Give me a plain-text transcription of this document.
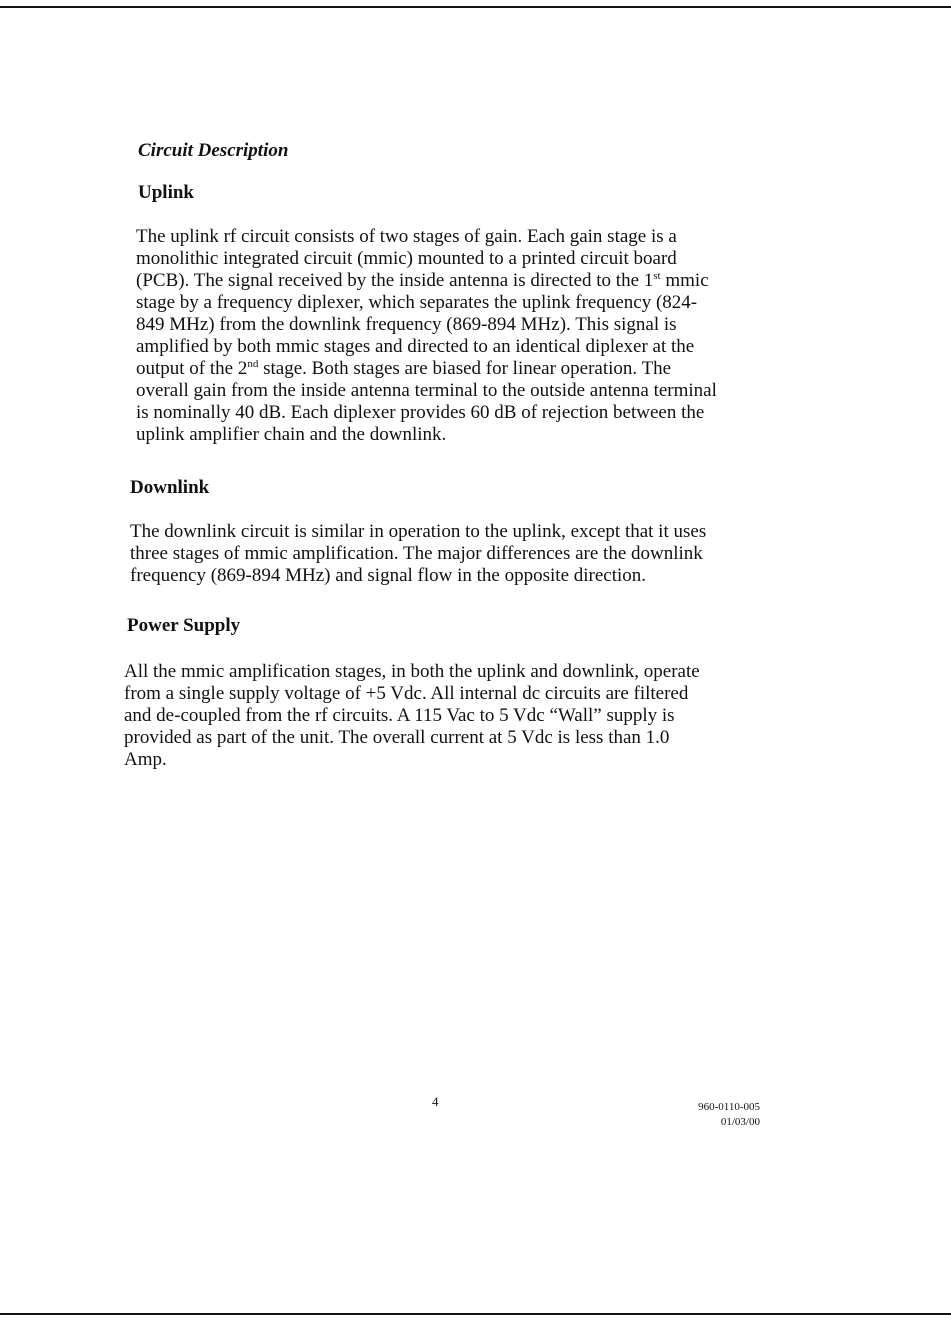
Circuit Description
Uplink
The uplink rf circuit consists of two stages of gain. Each gain stage is a
monolithic integrated circuit (mmic) mounted to a printed circuit board
(PCB). The signal received by the inside antenna is directed to the 1st mmic
stage by a frequency diplexer, which separates the uplink frequency (824-
849 MHz) from the downlink frequency (869-894 MHz). This signal is
amplified by both mmic stages and directed to an identical diplexer at the
output of the 2nd stage. Both stages are biased for linear operation. The
overall gain from the inside antenna terminal to the outside antenna terminal
is nominally 40 dB. Each diplexer provides 60 dB of rejection between the
uplink amplifier chain and the downlink.
Downlink
The downlink circuit is similar in operation to the uplink, except that it uses
three stages of mmic amplification. The major differences are the downlink
frequency (869-894 MHz) and signal flow in the opposite direction.
Power Supply
All the mmic amplification stages, in both the uplink and downlink, operate
from a single supply voltage of +5 Vdc. All internal dc circuits are filtered
and de-coupled from the rf circuits. A 115 Vac to 5 Vdc “Wall” supply is
provided as part of the unit. The overall current at 5 Vdc is less than 1.0
Amp.

4	960-0110-005
01/03/00
